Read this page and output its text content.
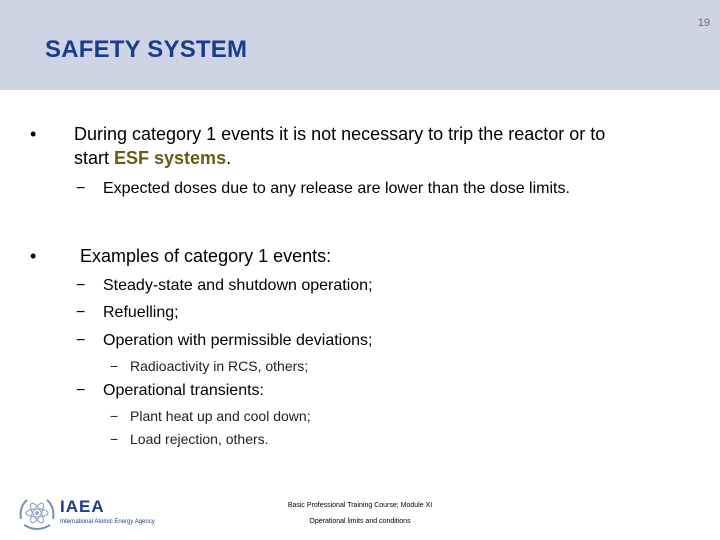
19
SAFETY SYSTEM
• During category 1 events it is not necessary to trip the reactor or to
start ESF systems.
− Expected doses due to any release are lower than the dose limits.
• Examples of category 1 events:
− Steady-state and shutdown operation;
− Refuelling;
− Operation with permissible deviations;
− Radioactivity in RCS, others;
− Operational transients:
− Plant heat up and cool down;
− Load rejection, others.
IAEA
International Atomic Energy Agency
Basic Professional Training Course; Module XI
Operational limits and conditions
